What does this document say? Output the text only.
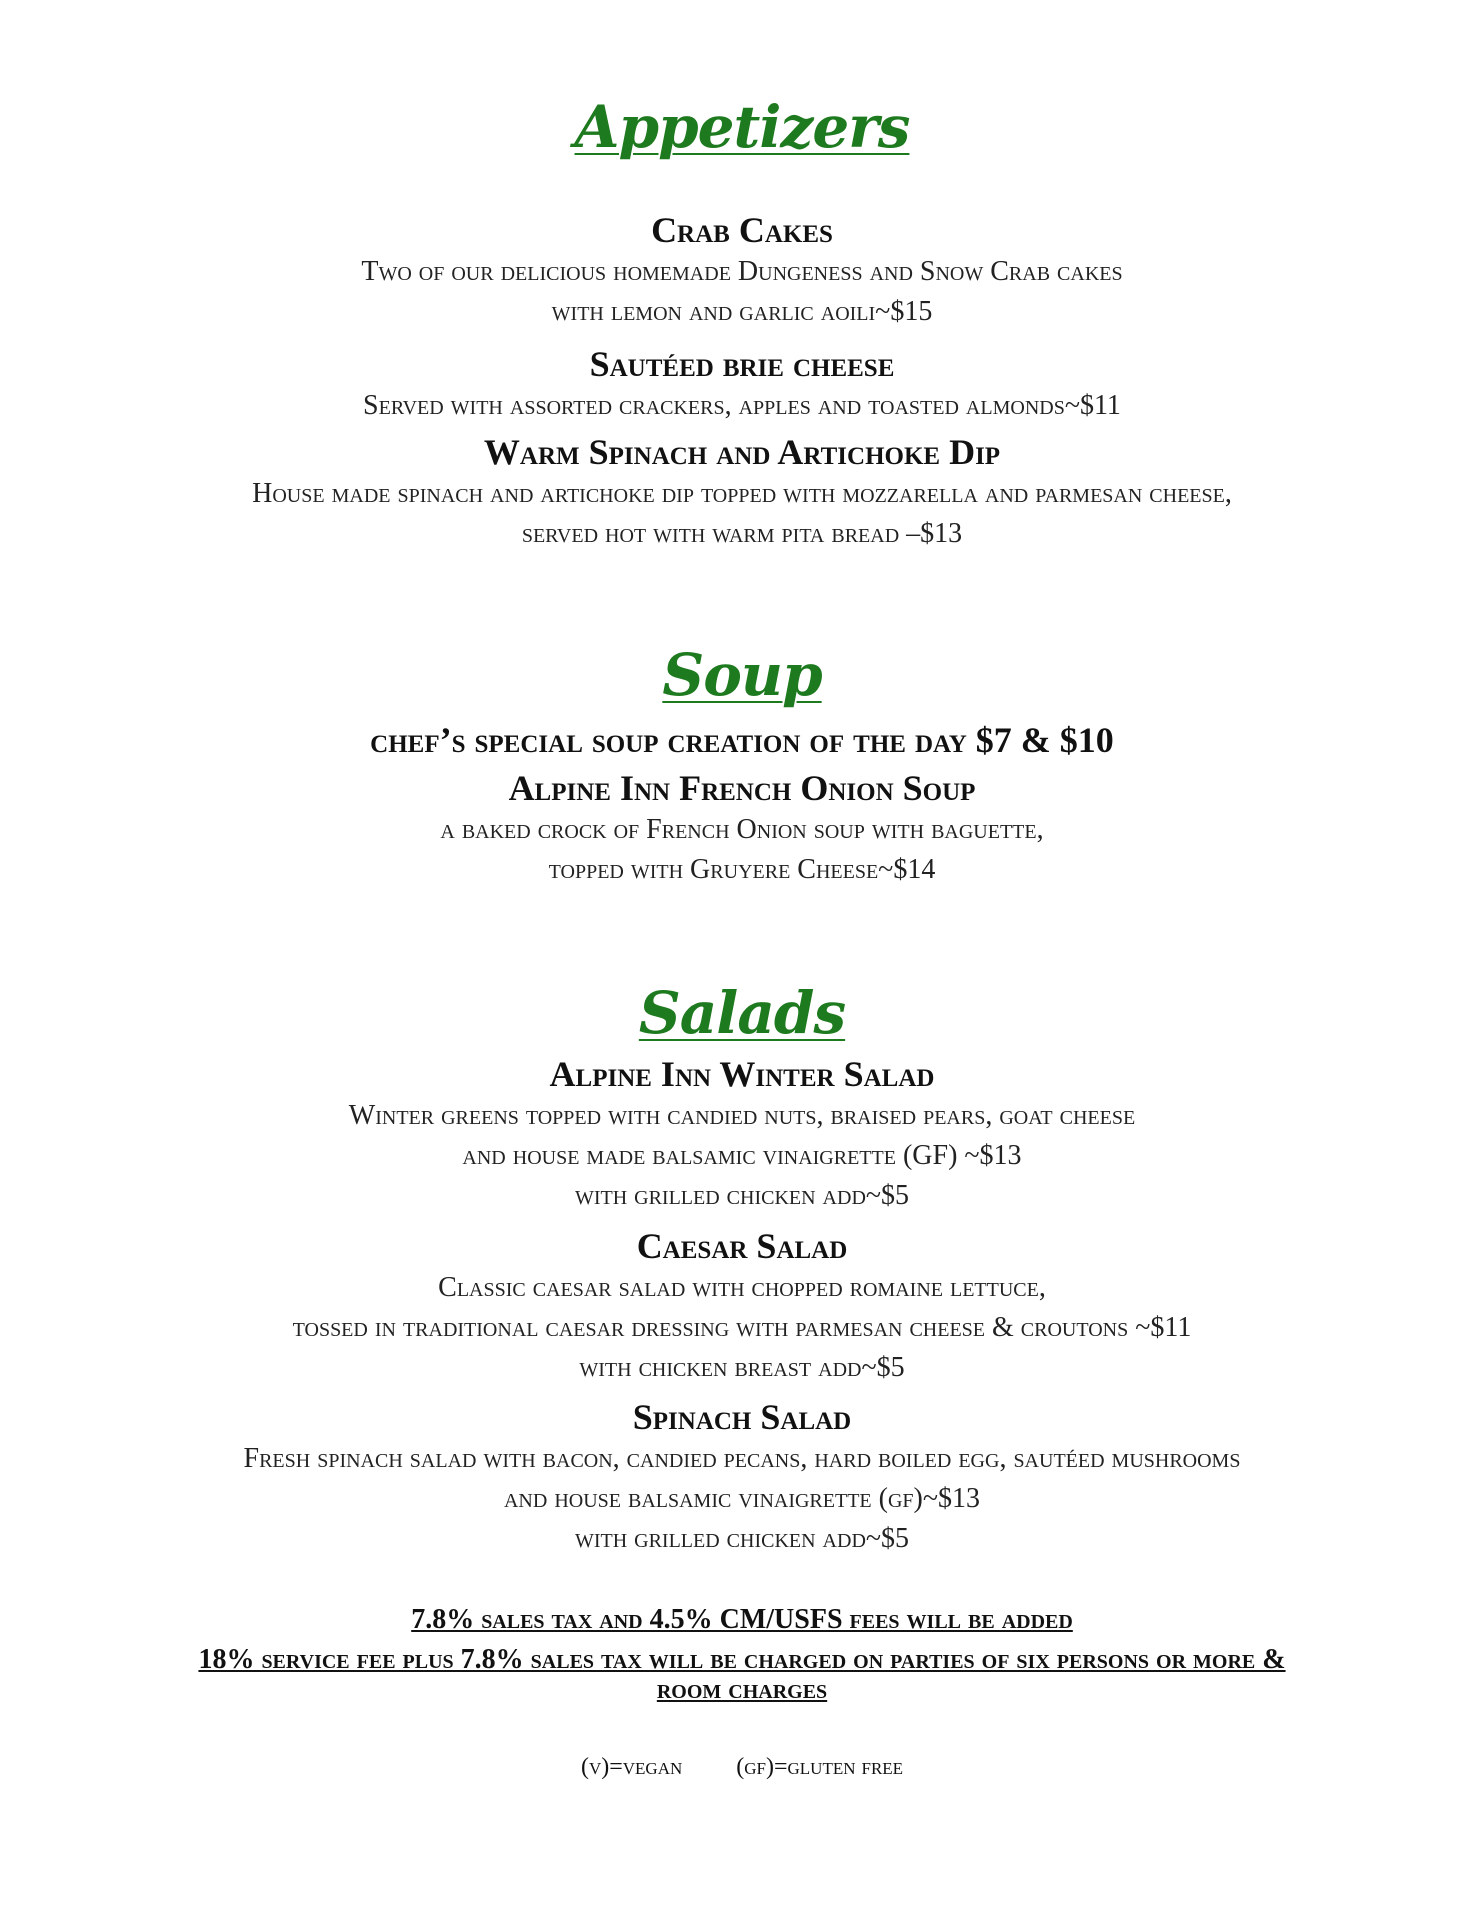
Appetizers
Crab Cakes
Two of our delicious homemade Dungeness and Snow Crab cakes
with lemon and garlic aoili~$15
Sautéed brie cheese
Served with assorted crackers, apples and toasted almonds~$11
Warm Spinach and Artichoke Dip
House made spinach and artichoke dip topped with mozzarella and parmesan cheese,
served hot with warm pita bread –$13
Soup
chef’s special soup creation of the day $7 & $10
Alpine Inn French Onion Soup
a baked crock of French Onion soup with baguette,
topped with Gruyere Cheese~$14
Salads
Alpine Inn Winter Salad
Winter greens topped with candied nuts, braised pears, goat cheese
and house made balsamic vinaigrette (GF) ~$13
with grilled chicken add~$5
Caesar Salad
Classic caesar salad with chopped romaine lettuce,
tossed in traditional caesar dressing with parmesan cheese & croutons ~$11
with chicken breast add~$5
Spinach Salad
Fresh spinach salad with bacon, candied pecans, hard boiled egg, sautéed mushrooms
and house balsamic vinaigrette (gf)~$13
with grilled chicken add~$5
7.8% sales tax and 4.5% CM/USFS fees will be added
18% service fee plus 7.8% sales tax will be charged on parties of six persons or more &
room charges
(v)=vegan (gf)=gluten free
